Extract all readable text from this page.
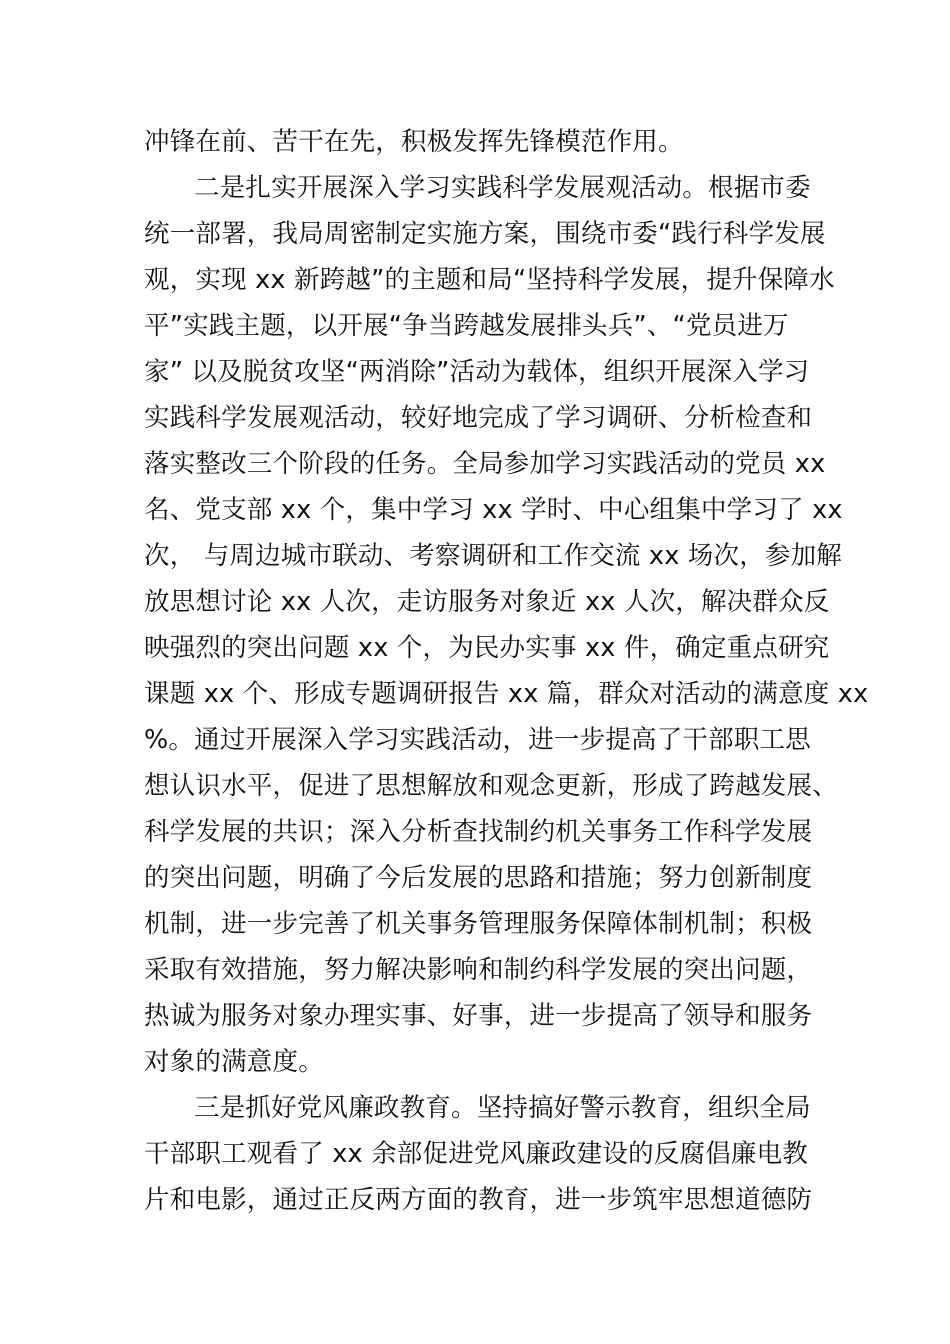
冲锋在前、苦干在先，积极发挥先锋模范作用。
二是扎实开展深入学习实践科学发展观活动。根据市委
统一部署，我局周密制定实施方案，围绕市委“践行科学发展
观，实现 xx 新跨越”的主题和局“坚持科学发展，提升保障水
平”实践主题，以开展“争当跨越发展排头兵”、“党员进万
家” 以及脱贫攻坚“两消除”活动为载体，组织开展深入学习
实践科学发展观活动，较好地完成了学习调研、分析检查和
落实整改三个阶段的任务。全局参加学习实践活动的党员 xx
名、党支部 xx 个，集中学习 xx 学时、中心组集中学习了 xx
次， 与周边城市联动、考察调研和工作交流 xx 场次，参加解
放思想讨论 xx 人次，走访服务对象近 xx 人次，解决群众反
映强烈的突出问题 xx 个，为民办实事 xx 件，确定重点研究
课题 xx 个、形成专题调研报告 xx 篇，群众对活动的满意度 xx
%。通过开展深入学习实践活动，进一步提高了干部职工思
想认识水平，促进了思想解放和观念更新，形成了跨越发展、
科学发展的共识；深入分析查找制约机关事务工作科学发展
的突出问题，明确了今后发展的思路和措施；努力创新制度
机制，进一步完善了机关事务管理服务保障体制机制；积极
采取有效措施，努力解决影响和制约科学发展的突出问题，
热诚为服务对象办理实事、好事，进一步提高了领导和服务
对象的满意度。
三是抓好党风廉政教育。坚持搞好警示教育，组织全局
干部职工观看了 xx 余部促进党风廉政建设的反腐倡廉电教
片和电影，通过正反两方面的教育，进一步筑牢思想道德防
